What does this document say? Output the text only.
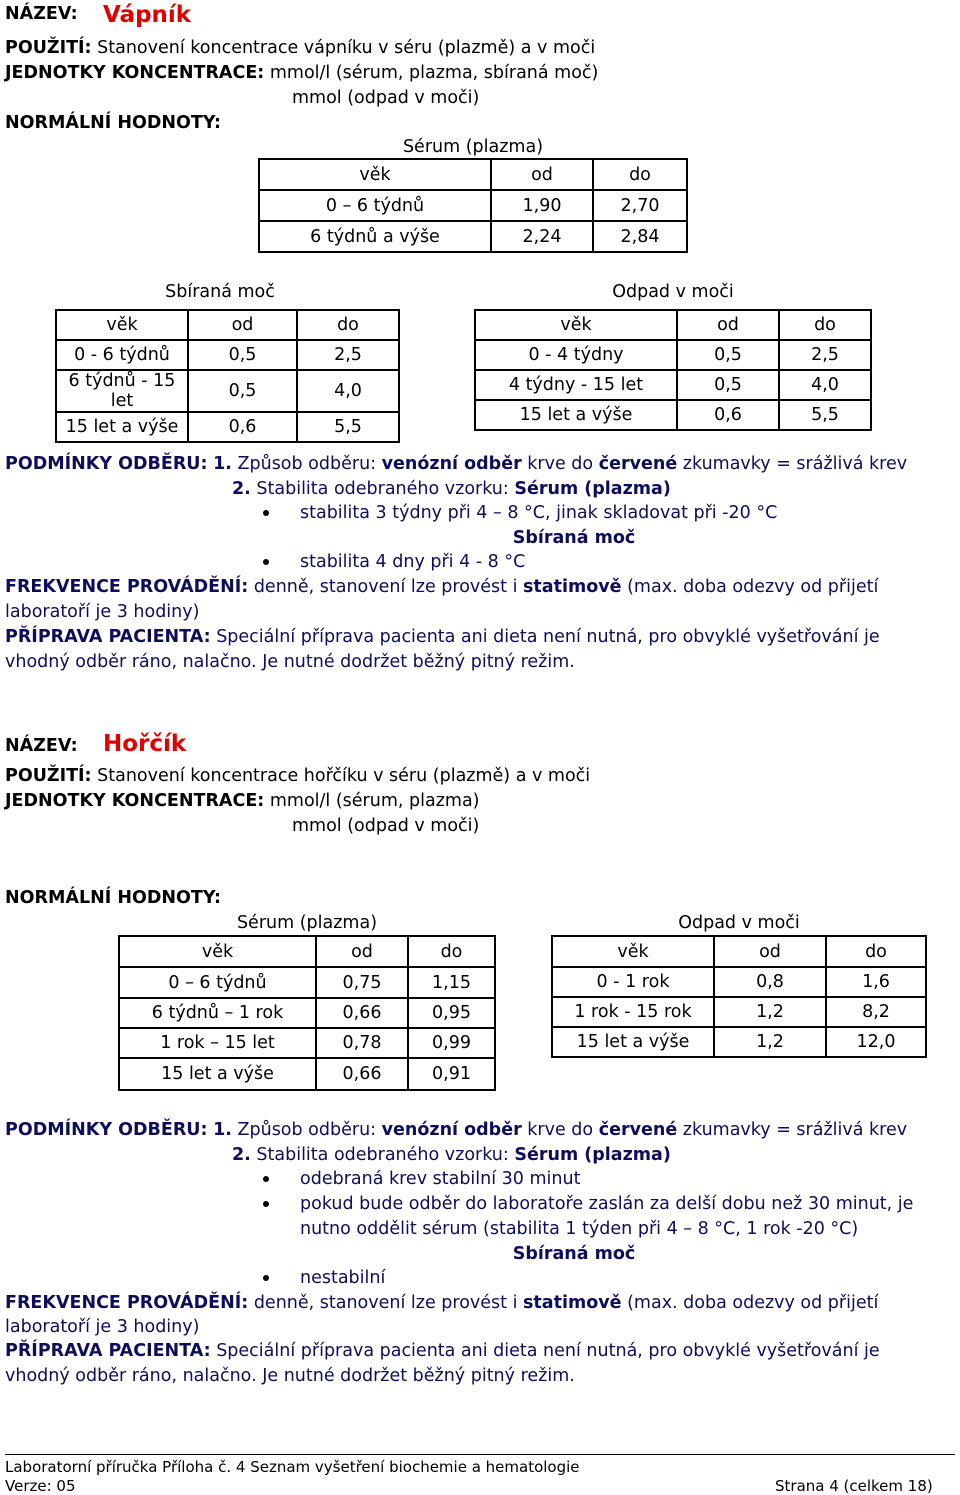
NÁZEV: Vápník
POUŽITÍ: Stanovení koncentrace vápníku v séru (plazmě) a v moči
JEDNOTKY KONCENTRACE: mmol/l (sérum, plazma, sbíraná moč)
mmol (odpad v moči)
NORMÁLNÍ HODNOTY:
Sérum (plazma)
věk	od	do
0 – 6 týdnů	1,90	2,70
6 týdnů a výše	2,24	2,84
Sbíraná moč	Odpad v moči
věk	od	do
0 - 6 týdnů	0,5	2,5
6 týdnů - 15 let	0,5	4,0
15 let a výše	0,6	5,5
věk	od	do
0 - 4 týdny	0,5	2,5
4 týdny - 15 let	0,5	4,0
15 let a výše	0,6	5,5
PODMÍNKY ODBĚRU: 1. Způsob odběru: venózní odběr krve do červené zkumavky = srážlivá krev
2. Stabilita odebraného vzorku: Sérum (plazma)
stabilita 3 týdny při 4 – 8 °C, jinak skladovat při -20 °C
Sbíraná moč
stabilita 4 dny při 4 - 8 °C
FREKVENCE PROVÁDĚNÍ: denně, stanovení lze provést i statimově (max. doba odezvy od přijetí
laboratoří je 3 hodiny)
PŘÍPRAVA PACIENTA: Speciální příprava pacienta ani dieta není nutná, pro obvyklé vyšetřování je
vhodný odběr ráno, nalačno. Je nutné dodržet běžný pitný režim.
NÁZEV: Hořčík
POUŽITÍ: Stanovení koncentrace hořčíku v séru (plazmě) a v moči
JEDNOTKY KONCENTRACE: mmol/l (sérum, plazma)
mmol (odpad v moči)
NORMÁLNÍ HODNOTY:
Sérum (plazma)	Odpad v moči
věk	od	do
0 – 6 týdnů	0,75	1,15
6 týdnů – 1 rok	0,66	0,95
1 rok – 15 let	0,78	0,99
15 let a výše	0,66	0,91
věk	od	do
0 - 1 rok	0,8	1,6
1 rok - 15 rok	1,2	8,2
15 let a výše	1,2	12,0
PODMÍNKY ODBĚRU: 1. Způsob odběru: venózní odběr krve do červené zkumavky = srážlivá krev
2. Stabilita odebraného vzorku: Sérum (plazma)
odebraná krev stabilní 30 minut
pokud bude odběr do laboratoře zaslán za delší dobu než 30 minut, je
nutno oddělit sérum (stabilita 1 týden při 4 – 8 °C, 1 rok -20 °C)
Sbíraná moč
nestabilní
FREKVENCE PROVÁDĚNÍ: denně, stanovení lze provést i statimově (max. doba odezvy od přijetí
laboratoří je 3 hodiny)
PŘÍPRAVA PACIENTA: Speciální příprava pacienta ani dieta není nutná, pro obvyklé vyšetřování je
vhodný odběr ráno, nalačno. Je nutné dodržet běžný pitný režim.
Laboratorní příručka Příloha č. 4 Seznam vyšetření biochemie a hematologie
Verze: 05	Strana 4 (celkem 18)
